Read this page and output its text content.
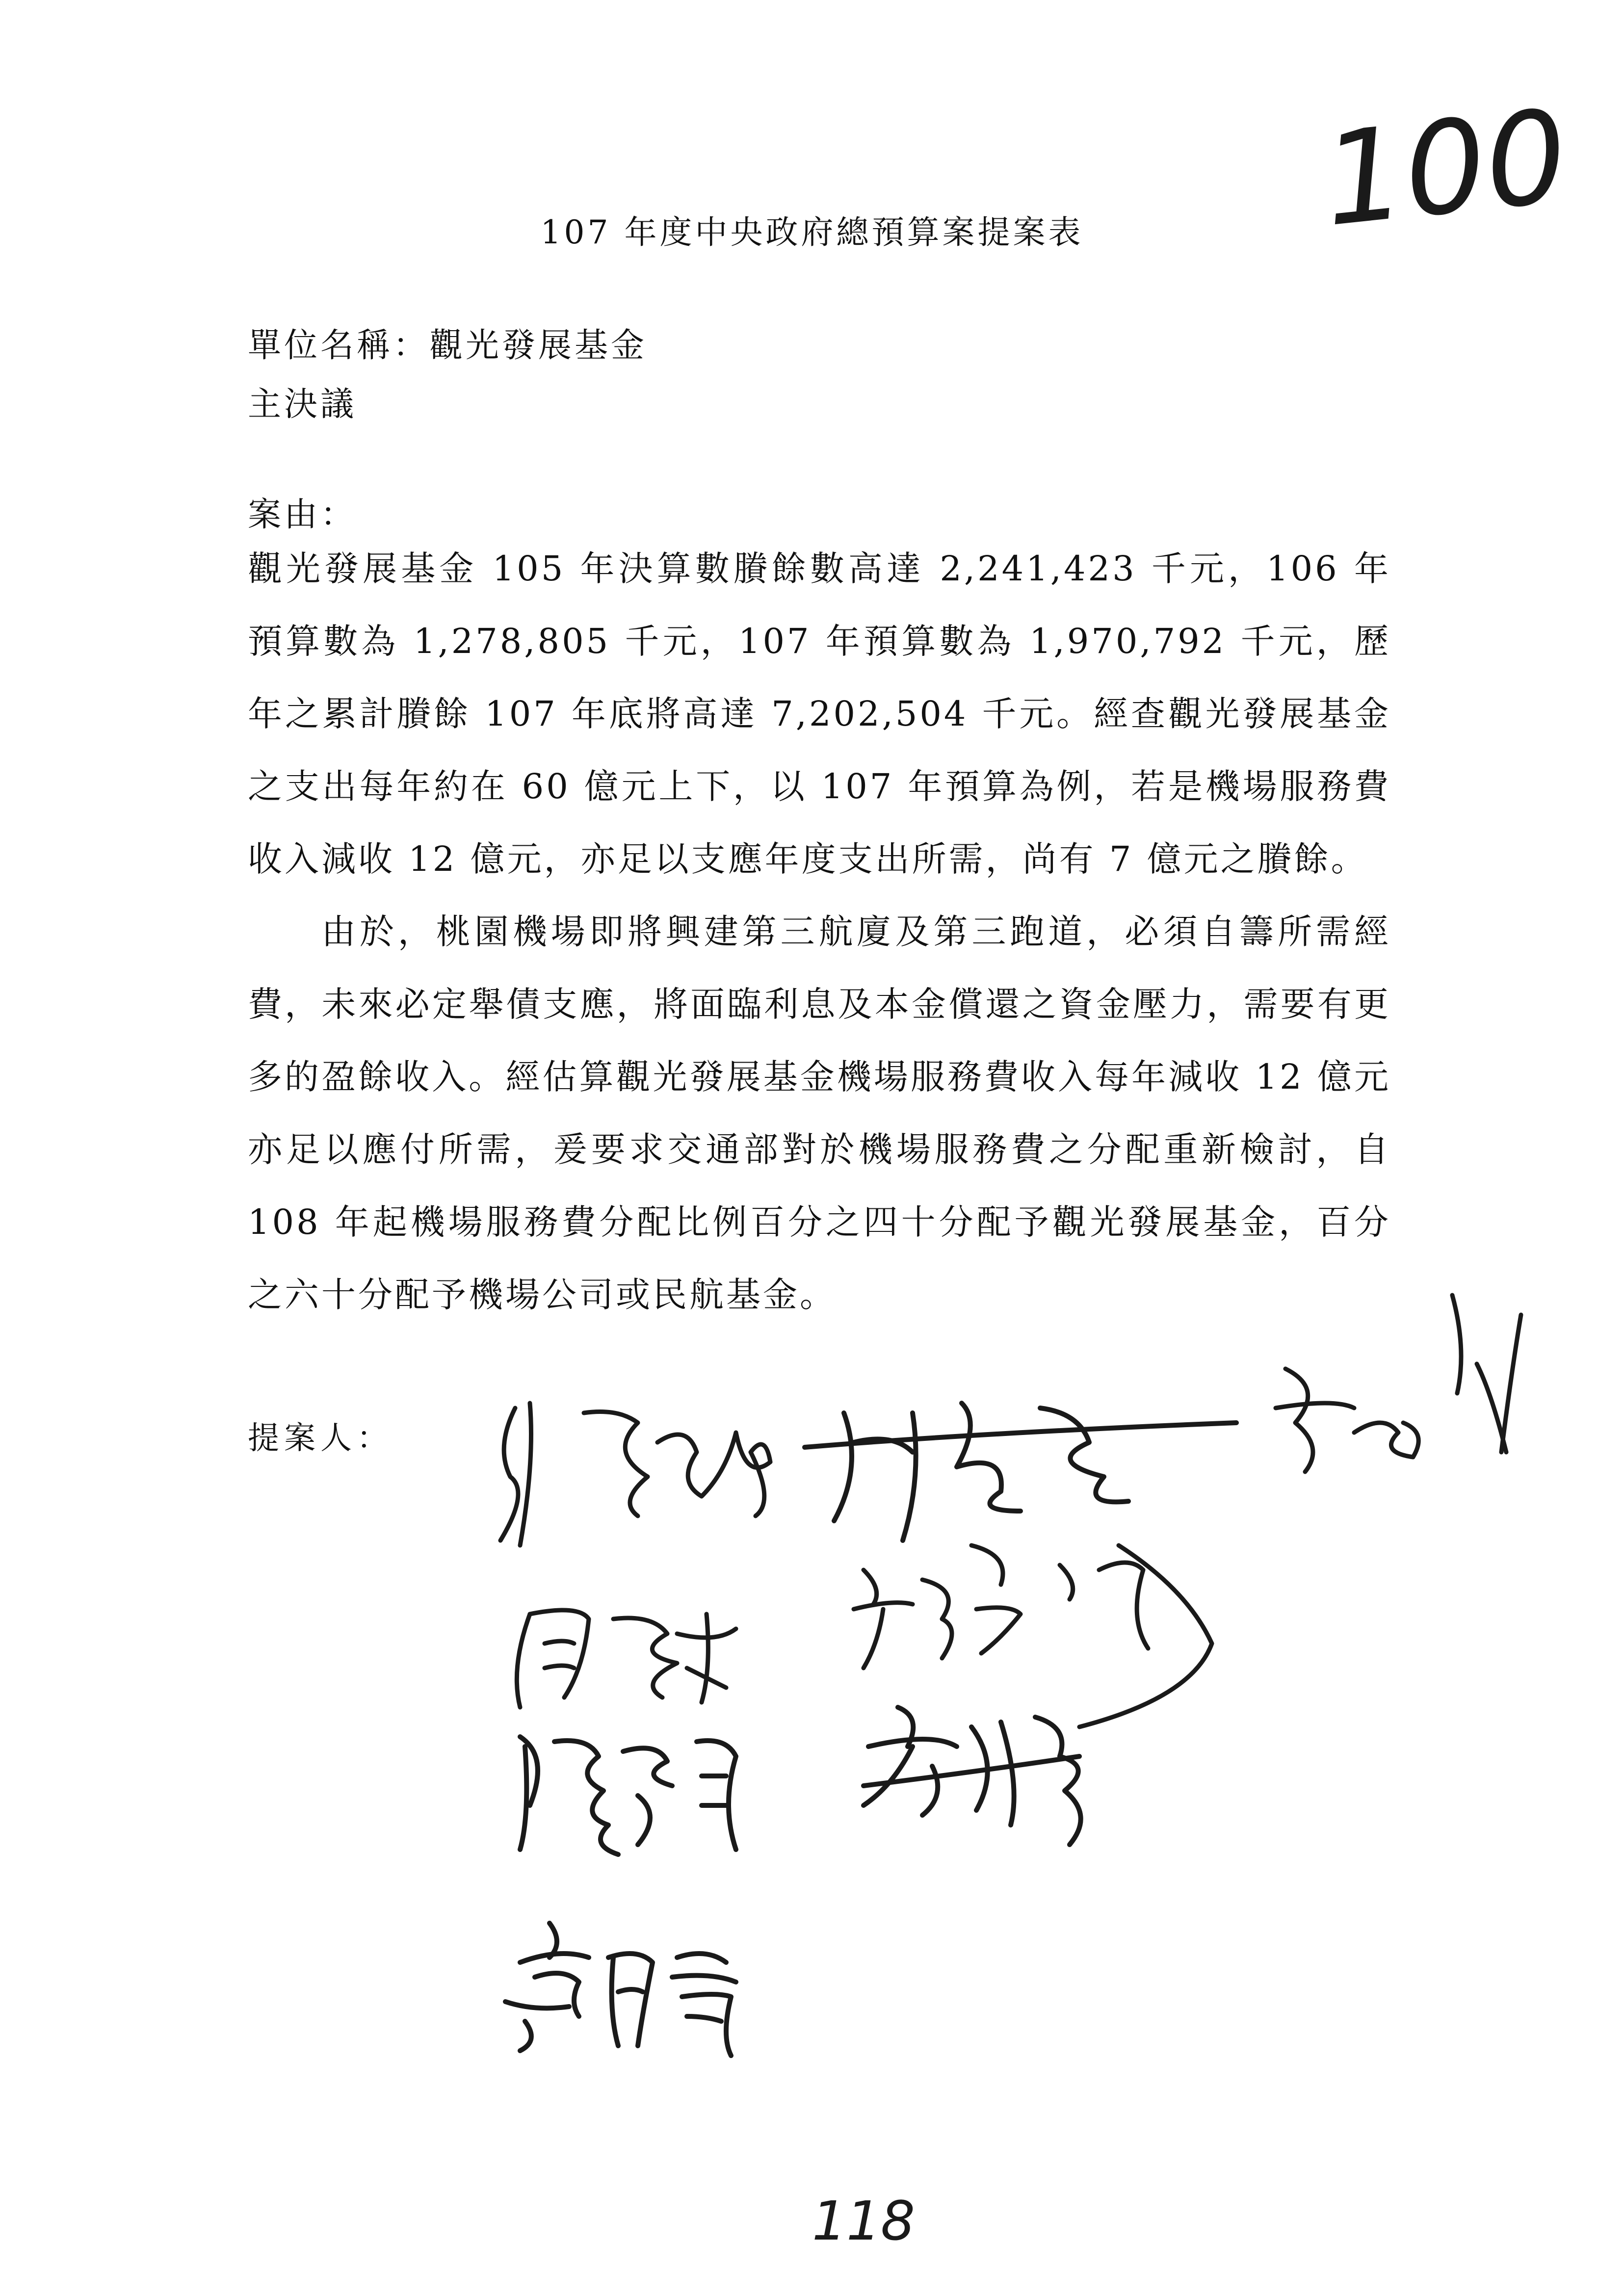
107 年度中央政府總預算案提案表	100
單位名稱：觀光發展基金
主決議
案由：

觀光發展基金 105 年決算數賸餘數高達 2,241,423 千元，106 年預算數為 1,278,805 千元，107 年預算數為 1,970,792 千元，歷年之累計賸餘 107 年底將高達 7,202,504 千元。經查觀光發展基金之支出每年約在 60 億元上下，以 107 年預算為例，若是機場服務費收入減收 12 億元，亦足以支應年度支出所需，尚有 7 億元之賸餘。

由於，桃園機場即將興建第三航廈及第三跑道，必須自籌所需經費，未來必定舉債支應，將面臨利息及本金償還之資金壓力，需要有更多的盈餘收入。經估算觀光發展基金機場服務費收入每年減收 12 億元亦足以應付所需，爰要求交通部對於機場服務費之分配重新檢討，自 108 年起機場服務費分配比例百分之四十分配予觀光發展基金，百分之六十分配予機場公司或民航基金。

提案人：
118
